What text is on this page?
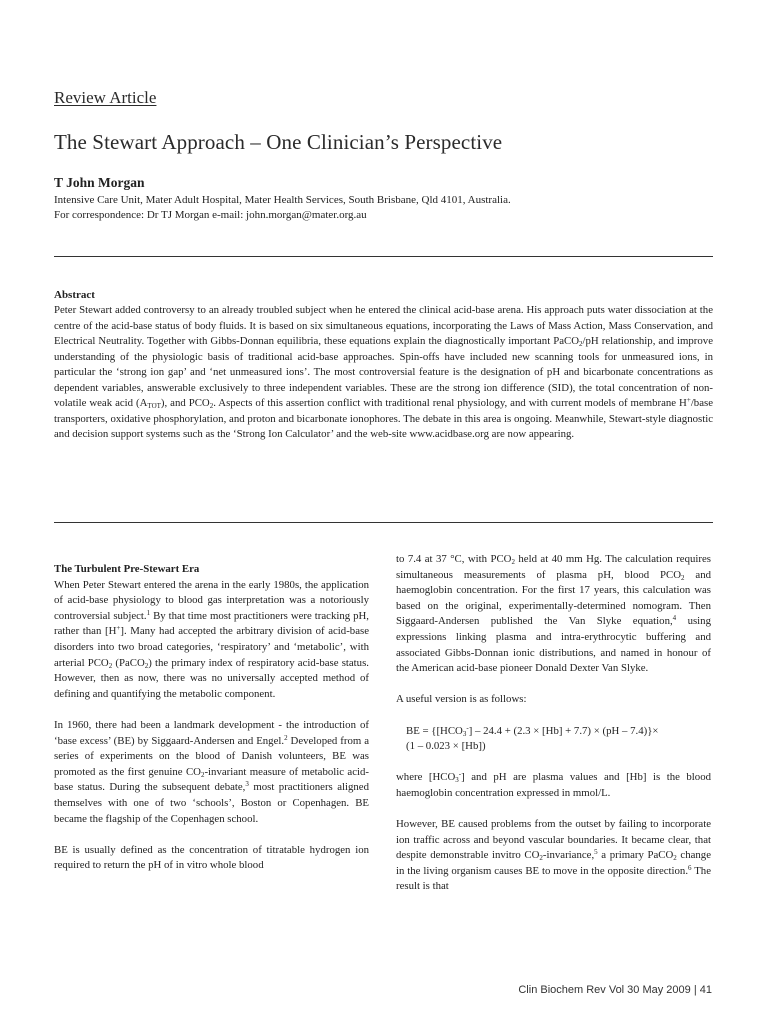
Review Article
The Stewart Approach – One Clinician’s Perspective
T John Morgan
Intensive Care Unit, Mater Adult Hospital, Mater Health Services, South Brisbane, Qld 4101, Australia.
For correspondence: Dr TJ Morgan e-mail: john.morgan@mater.org.au
Abstract
Peter Stewart added controversy to an already troubled subject when he entered the clinical acid-base arena. His approach puts water dissociation at the centre of the acid-base status of body fluids. It is based on six simultaneous equations, incorporating the Laws of Mass Action, Mass Conservation, and Electrical Neutrality. Together with Gibbs-Donnan equilibria, these equations explain the diagnostically important PaCO$_2$/pH relationship, and improve understanding of the physiologic basis of traditional acid-base approaches. Spin-offs have included new scanning tools for unmeasured ions, in particular the ‘strong ion gap’ and ‘net unmeasured ions’. The most controversial feature is the designation of pH and bicarbonate concentrations as dependent variables, answerable exclusively to three independent variables. These are the strong ion difference (SID), the total concentration of non-volatile weak acid $(A_{TOT})$, and $PCO_2$. Aspects of this assertion conflict with traditional renal physiology, and with current models of membrane H+/base transporters, oxidative phosphorylation, and proton and bicarbonate ionophores. The debate in this area is ongoing. Meanwhile, Stewart-style diagnostic and decision support systems such as the ‘Strong Ion Calculator’ and the web-site www.acidbase.org are now appearing.

The Turbulent Pre-Stewart Era

When Peter Stewart entered the arena in the early 1980s, the application of acid-base physiology to blood gas interpretation was a notoriously controversial subject.$^1$ By that time most practitioners were tracking pH, rather than [H+]. Many had accepted the arbitrary division of acid-base disorders into two broad categories, ‘respiratory’ and ‘metabolic’, with arterial $PCO_2$ (PaCO$_2$) the primary index of respiratory acid-base status. However, then as now, there was no universally accepted method of defining and quantifying the metabolic component.

In 1960, there had been a landmark development - the introduction of ‘base excess’ (BE) by Siggaard-Andersen and Engel.$^2$ Developed from a series of experiments on the blood of Danish volunteers, BE was promoted as the first genuine $CO_2$-invariant measure of metabolic acid-base status. During the subsequent debate,$^3$ most practitioners aligned themselves with one of two ‘schools’, Boston or Copenhagen. BE became the flagship of the Copenhagen school.

BE is usually defined as the concentration of titratable hydrogen ion required to return the pH of in vitro whole blood

to 7.4 at 37 °C, with $PCO_2$ held at 40 mm Hg. The calculation requires simultaneous measurements of plasma pH, blood $PCO_2$ and haemoglobin concentration. For the first 17 years, this calculation was based on the original, experimentally-determined nomogram. Then Siggaard-Andersen published the Van Slyke equation,$^4$ using expressions linking plasma and intra-erythrocytic buffering and associated Gibbs-Donnan ionic distributions, and named in honour of the American acid-base pioneer Donald Dexter Van Slyke.

A useful version is as follows:

BE = $\{[HCO_3^-] - 24.4 + (2.3 \times [Hb] + 7.7) \times (pH - 7.4)\}\times$
(1 – 0.023 × [Hb])

where $[HCO_3^-]$ and pH are plasma values and [Hb] is the blood haemoglobin concentration expressed in mmol/L.

However, BE caused problems from the outset by failing to incorporate ion traffic across and beyond vascular boundaries. It became clear, that despite demonstrable invitro $CO_2-invariance,^5$ a primary PaCO$_2$ change in the living organism causes BE to move in the opposite direction.$^6$ The result is that

Clin Biochem Rev Vol 30 May 2009 | 41
